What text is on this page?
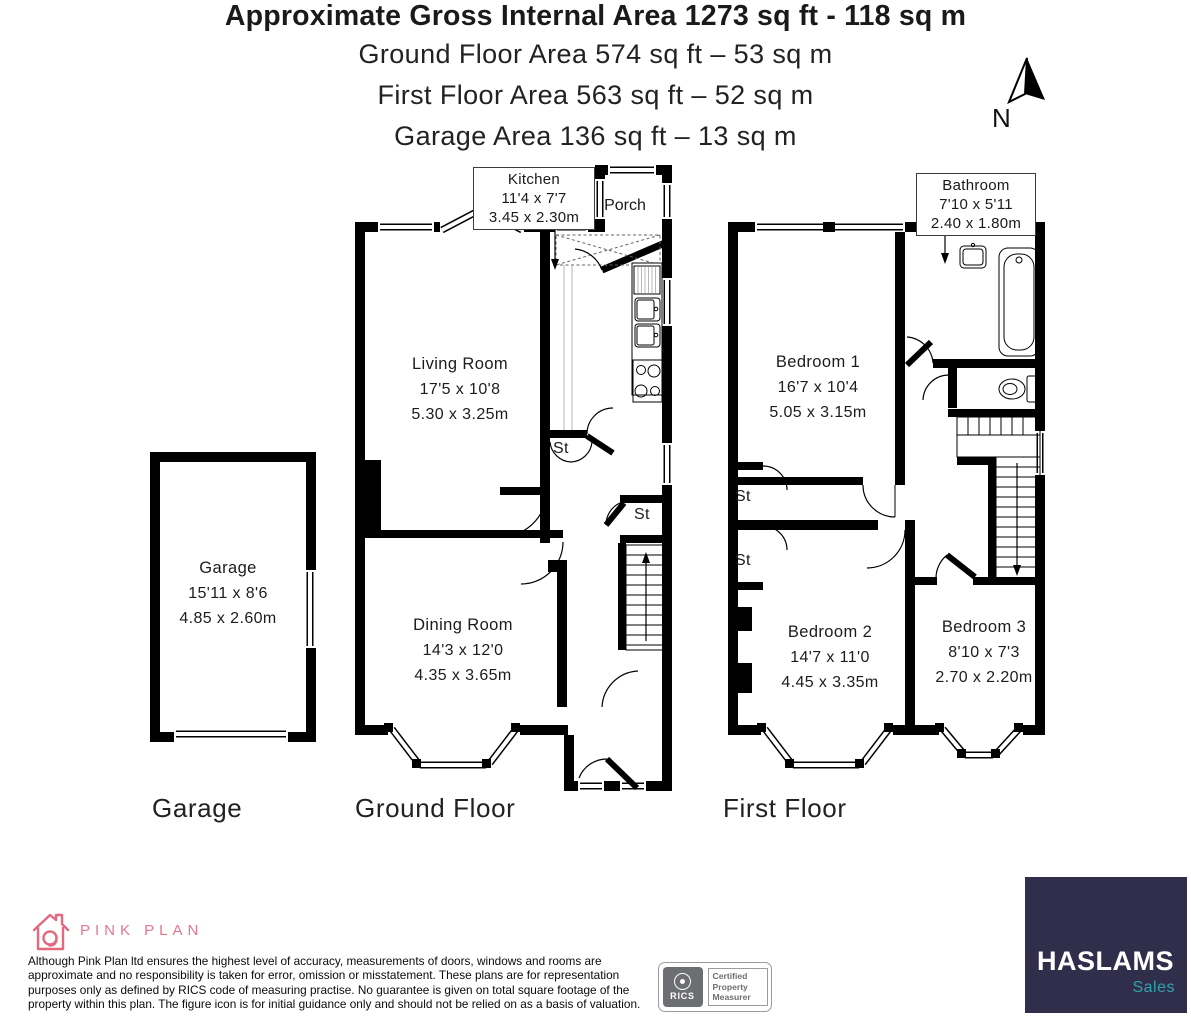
Approximate Gross Internal Area 1273 sq ft - 118 sq m
Ground Floor Area 574 sq ft – 53 sq m
First Floor Area 563 sq ft – 52 sq m
Garage Area 136 sq ft – 13 sq m
N
Kitchen
11'4 x 7'7
3.45 x 2.30m
Porch
Living Room
17'5 x 10'8
5.30 x 3.25m
Dining Room
14'3 x 12'0
4.35 x 3.65m
St
St
Garage
15'11 x 8'6
4.85 x 2.60m
Bathroom
7'10 x 5'11
2.40 x 1.80m
Bedroom 1
16'7 x 10'4
5.05 x 3.15m
Bedroom 2
14'7 x 11'0
4.45 x 3.35m
Bedroom 3
8'10 x 7'3
2.70 x 2.20m
St
St
Garage	Ground Floor	First Floor
PINK PLAN
Although Pink Plan ltd ensures the highest level of accuracy, measurements of doors, windows and rooms are approximate and no responsibility is taken for error, omission or misstatement. These plans are for representation purposes only as defined by RICS code of measuring practise. No guarantee is given on total square footage of the property within this plan. The figure icon is for initial guidance only and should not be relied on as a basis of valuation.
RICS
Certified Property Measurer
HASLAMS
Sales
